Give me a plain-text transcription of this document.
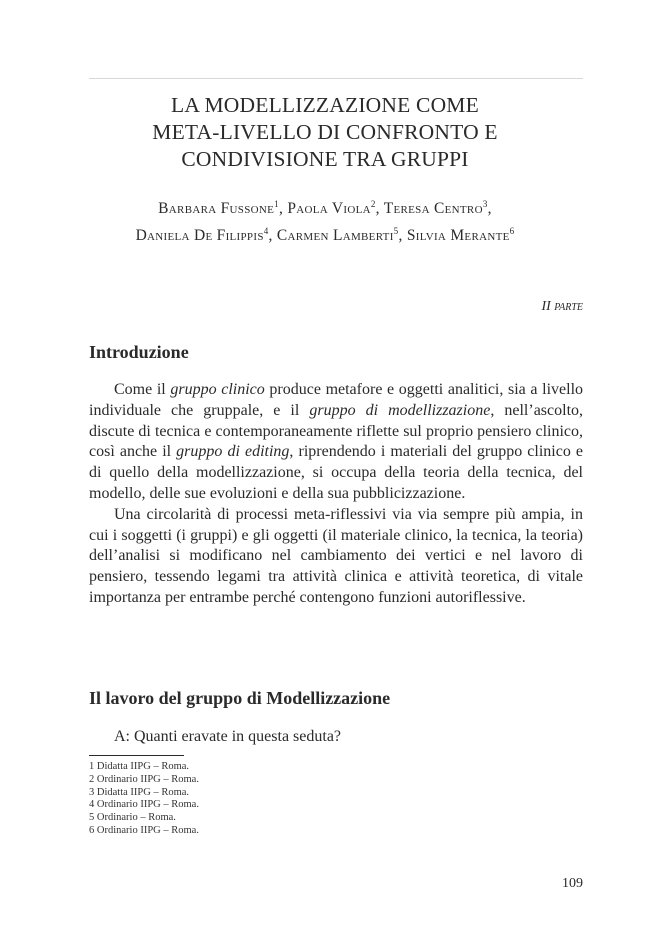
LA MODELLIZZAZIONE COME
META-LIVELLO DI CONFRONTO E
CONDIVISIONE TRA GRUPPI
Barbara Fussone$^1$, Paola Viola$^2$, Teresa Centro$^3$,
Daniela De Filippis$^4$, Carmen Lamberti$^5$, Silvia Merante$^6$
II parte
Introduzione

Come il gruppo clinico produce metafore e oggetti analitici, sia a livello individuale che gruppale, e il gruppo di modellizzazione, nell’ascolto, discute di tecnica e contemporaneamente riflette sul proprio pensiero clinico, così anche il gruppo di editing, riprendendo i materiali del gruppo clinico e di quello della modellizzazione, si occupa della teoria della tecnica, del modello, delle sue evoluzioni e della sua pubblicizzazione.

Una circolarità di processi meta-riflessivi via via sempre più ampia, in cui i soggetti (i gruppi) e gli oggetti (il materiale clinico, la tecnica, la teoria) dell’analisi si modificano nel cambiamento dei vertici e nel lavoro di pensiero, tessendo legami tra attività clinica e attività teoretica, di vitale importanza per entrambe perché contengono funzioni autoriflessive.

Il lavoro del gruppo di Modellizzazione
A: Quanti eravate in questa seduta?
1 Didatta IIPG – Roma.
2 Ordinario IIPG – Roma.
3 Didatta IIPG – Roma.
4 Ordinario IIPG – Roma.
5 Ordinario – Roma.
6 Ordinario IIPG – Roma.
109
